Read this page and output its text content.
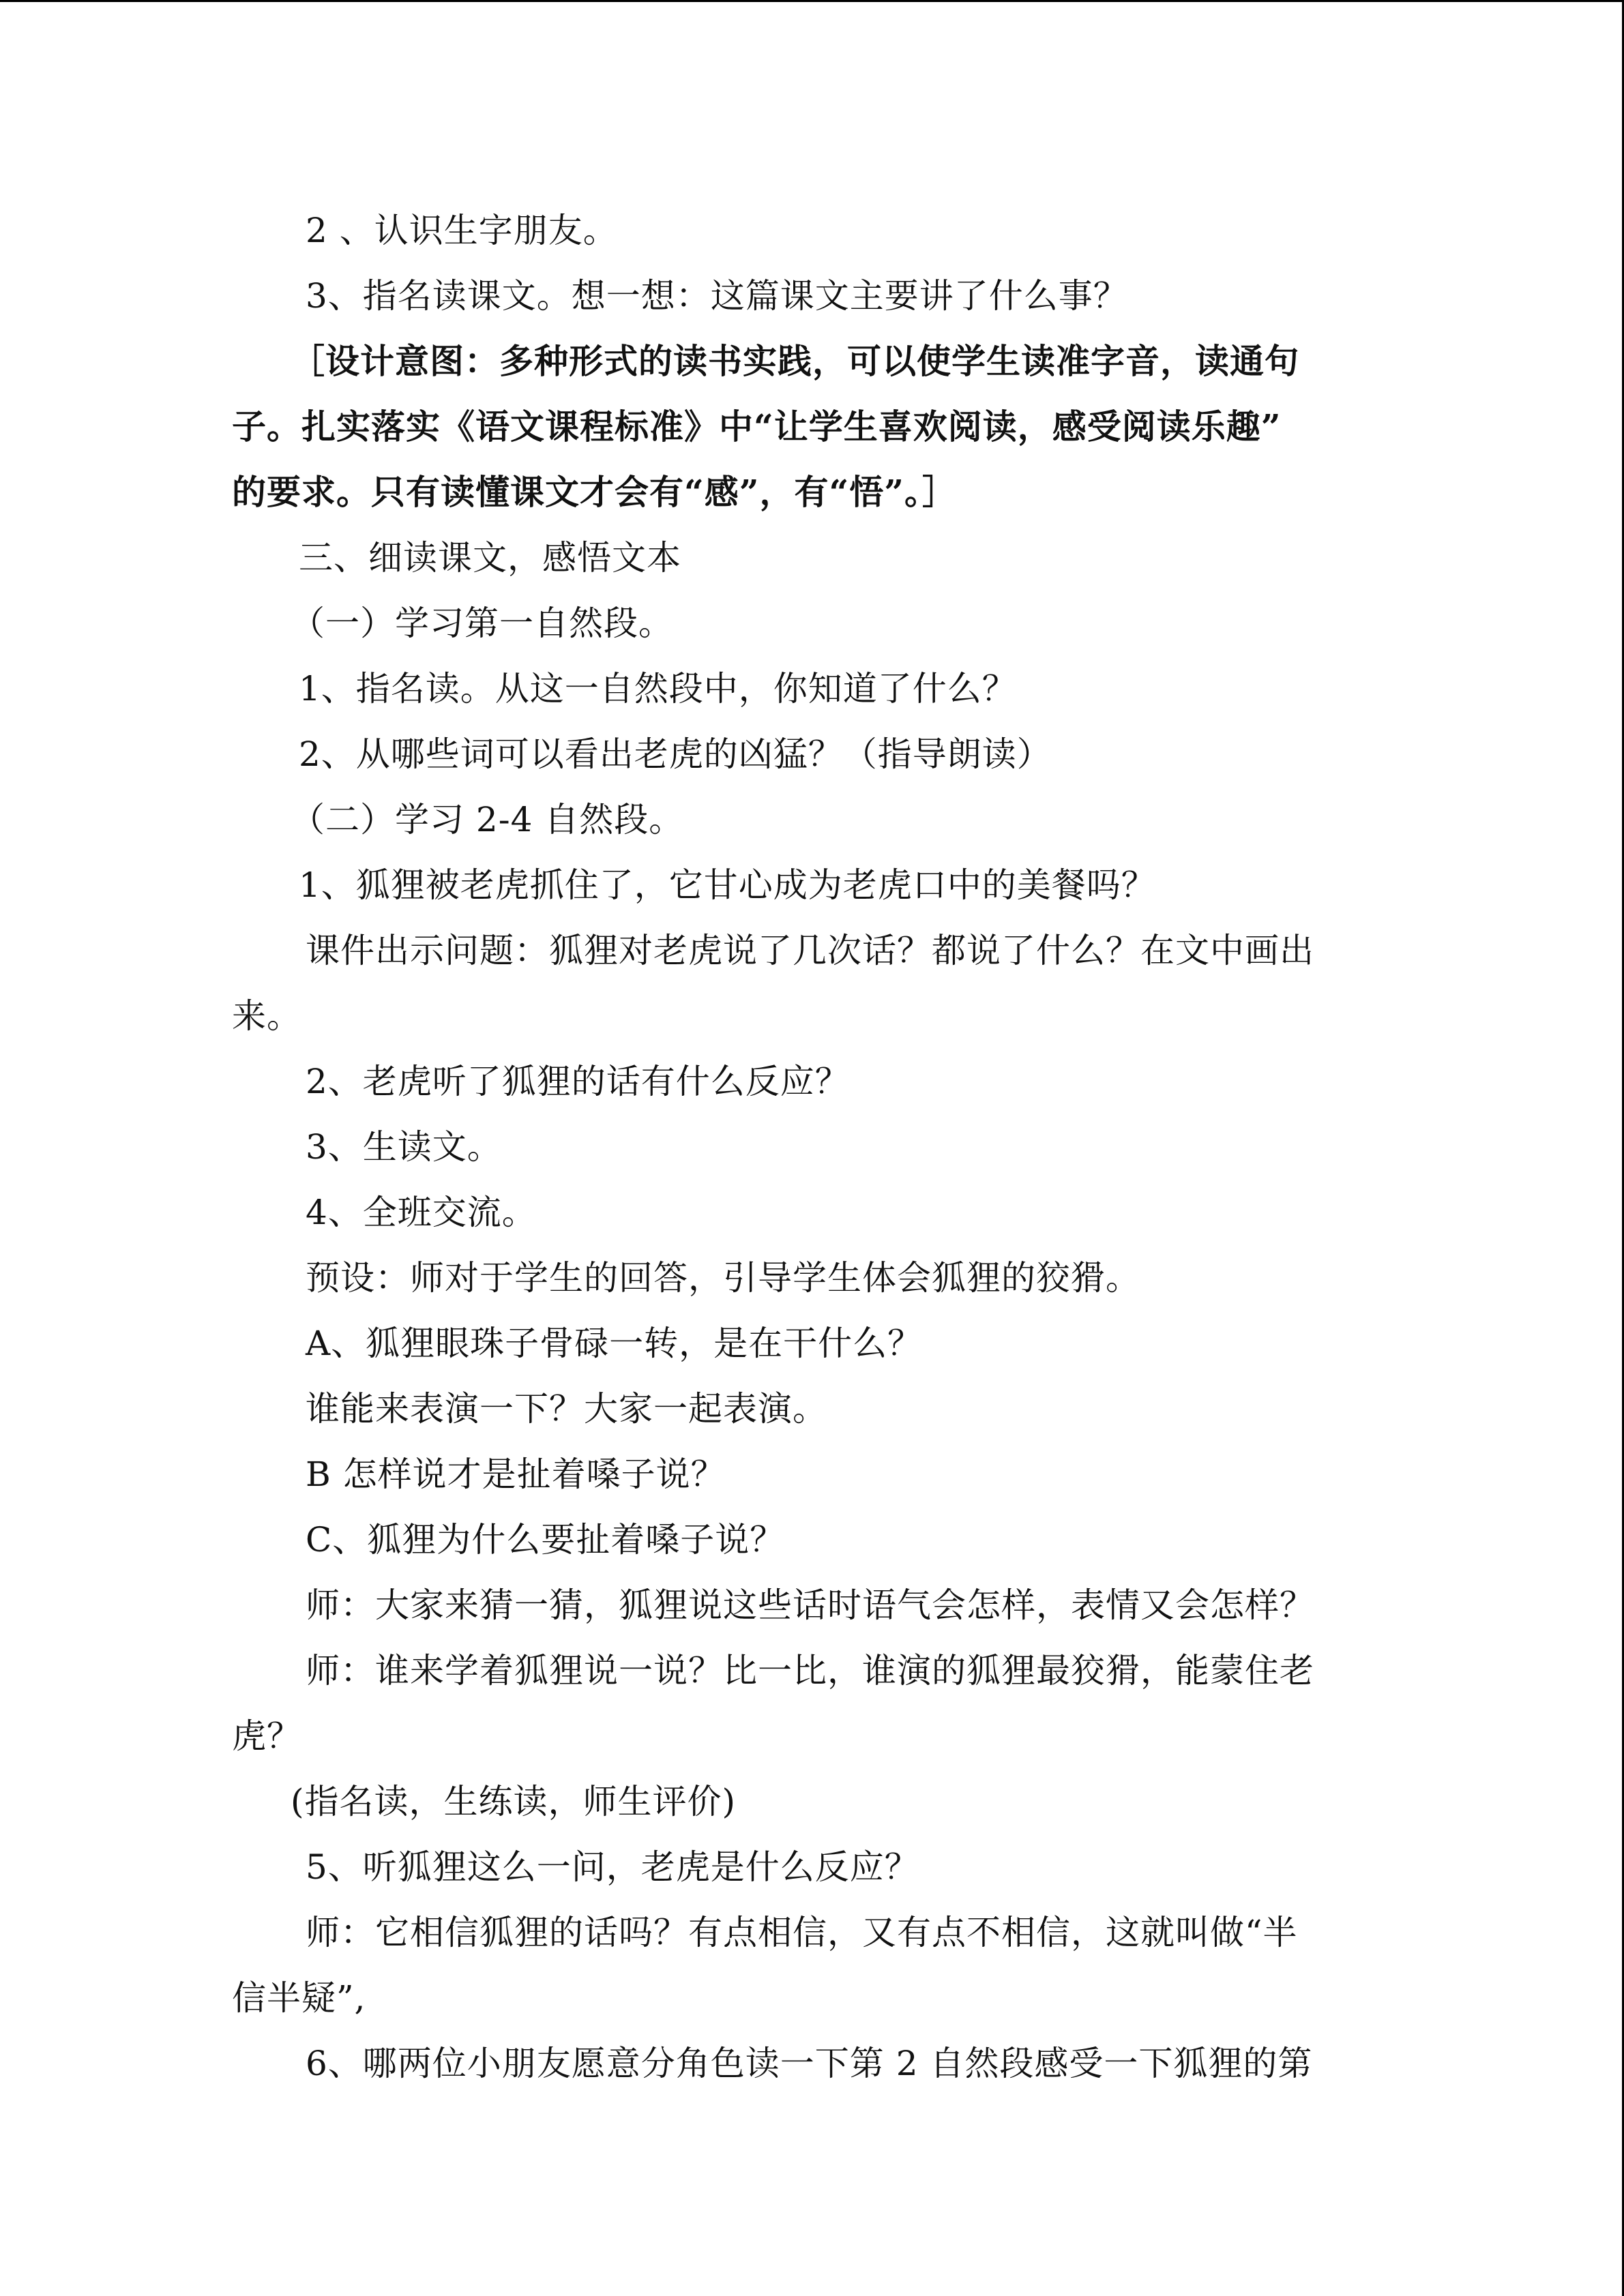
2 、认识生字朋友。
3、指名读课文。想一想：这篇课文主要讲了什么事？
［设计意图：多种形式的读书实践，可以使学生读准字音，读通句
子。扎实落实《语文课程标准》中“让学生喜欢阅读，感受阅读乐趣”
的要求。只有读懂课文才会有“感”，有“悟”。］
三、细读课文，感悟文本
（一）学习第一自然段。
1、指名读。从这一自然段中，你知道了什么？
2、从哪些词可以看出老虎的凶猛？（指导朗读）
（二）学习 2-4 自然段。
1、狐狸被老虎抓住了，它甘心成为老虎口中的美餐吗？
课件出示问题：狐狸对老虎说了几次话？都说了什么？在文中画出
来。
2、老虎听了狐狸的话有什么反应？
3、生读文。
4、全班交流。
预设：师对于学生的回答，引导学生体会狐狸的狡猾。
A、狐狸眼珠子骨碌一转，是在干什么？
谁能来表演一下？大家一起表演。
B 怎样说才是扯着嗓子说？
C、狐狸为什么要扯着嗓子说？
师：大家来猜一猜，狐狸说这些话时语气会怎样，表情又会怎样？
师：谁来学着狐狸说一说？比一比，谁演的狐狸最狡猾，能蒙住老
虎？
(指名读，生练读，师生评价)
5、听狐狸这么一问，老虎是什么反应？
师：它相信狐狸的话吗？有点相信，又有点不相信，这就叫做“半
信半疑”,
6、哪两位小朋友愿意分角色读一下第 2 自然段感受一下狐狸的第
